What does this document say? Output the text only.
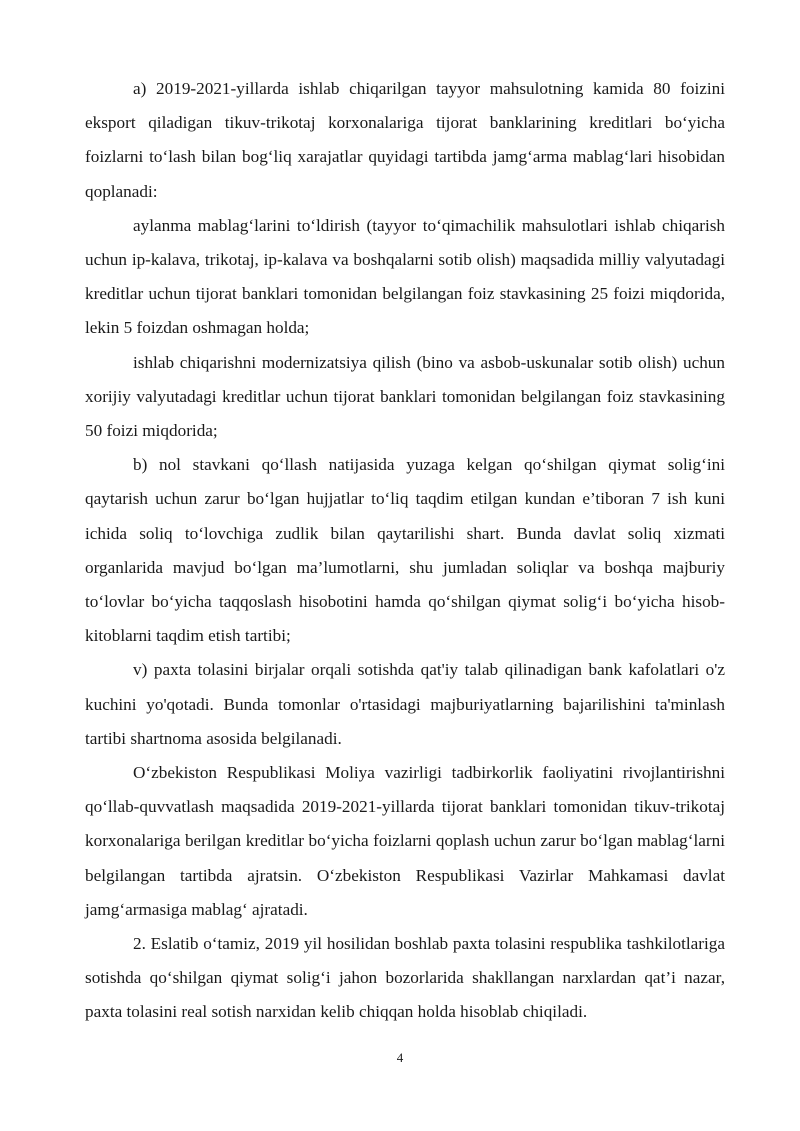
a) 2019-2021-yillarda ishlab chiqarilgan tayyor mahsulotning kamida 80 foizini eksport qiladigan tikuv-trikotaj korxonalariga tijorat banklarining kreditlari bo‘yicha foizlarni to‘lash bilan bog‘liq xarajatlar quyidagi tartibda jamg‘arma mablag‘lari hisobidan qoplanadi:

aylanma mablag‘larini to‘ldirish (tayyor to‘qimachilik mahsulotlari ishlab chiqarish uchun ip-kalava, trikotaj, ip-kalava va boshqalarni sotib olish) maqsadida milliy valyutadagi kreditlar uchun tijorat banklari tomonidan belgilangan foiz stavkasining 25 foizi miqdorida, lekin 5 foizdan oshmagan holda;

ishlab chiqarishni modernizatsiya qilish (bino va asbob-uskunalar sotib olish) uchun xorijiy valyutadagi kreditlar uchun tijorat banklari tomonidan belgilangan foiz stavkasining 50 foizi miqdorida;

b) nol stavkani qo‘llash natijasida yuzaga kelgan qo‘shilgan qiymat solig‘ini qaytarish uchun zarur bo‘lgan hujjatlar to‘liq taqdim etilgan kundan e’tiboran 7 ish kuni ichida soliq to‘lovchiga zudlik bilan qaytarilishi shart. Bunda davlat soliq xizmati organlarida mavjud bo‘lgan ma’lumotlarni, shu jumladan soliqlar va boshqa majburiy to‘lovlar bo‘yicha taqqoslash hisobotini hamda qo‘shilgan qiymat solig‘i bo‘yicha hisob-kitoblarni taqdim etish tartibi;

v) paxta tolasini birjalar orqali sotishda qat'iy talab qilinadigan bank kafolatlari o'z kuchini yo'qotadi. Bunda tomonlar o'rtasidagi majburiyatlarning bajarilishini ta'minlash tartibi shartnoma asosida belgilanadi.

O‘zbekiston Respublikasi Moliya vazirligi tadbirkorlik faoliyatini rivojlantirishni qo‘llab-quvvatlash maqsadida 2019-2021-yillarda tijorat banklari tomonidan tikuv-trikotaj korxonalariga berilgan kreditlar bo‘yicha foizlarni qoplash uchun zarur bo‘lgan mablag‘larni belgilangan tartibda ajratsin. O‘zbekiston Respublikasi Vazirlar Mahkamasi davlat jamg‘armasiga mablag‘ ajratadi.

2. Eslatib o‘tamiz, 2019 yil hosilidan boshlab paxta tolasini respublika tashkilotlariga sotishda qo‘shilgan qiymat solig‘i jahon bozorlarida shakllangan narxlardan qat’i nazar, paxta tolasini real sotish narxidan kelib chiqqan holda hisoblab chiqiladi.

4
